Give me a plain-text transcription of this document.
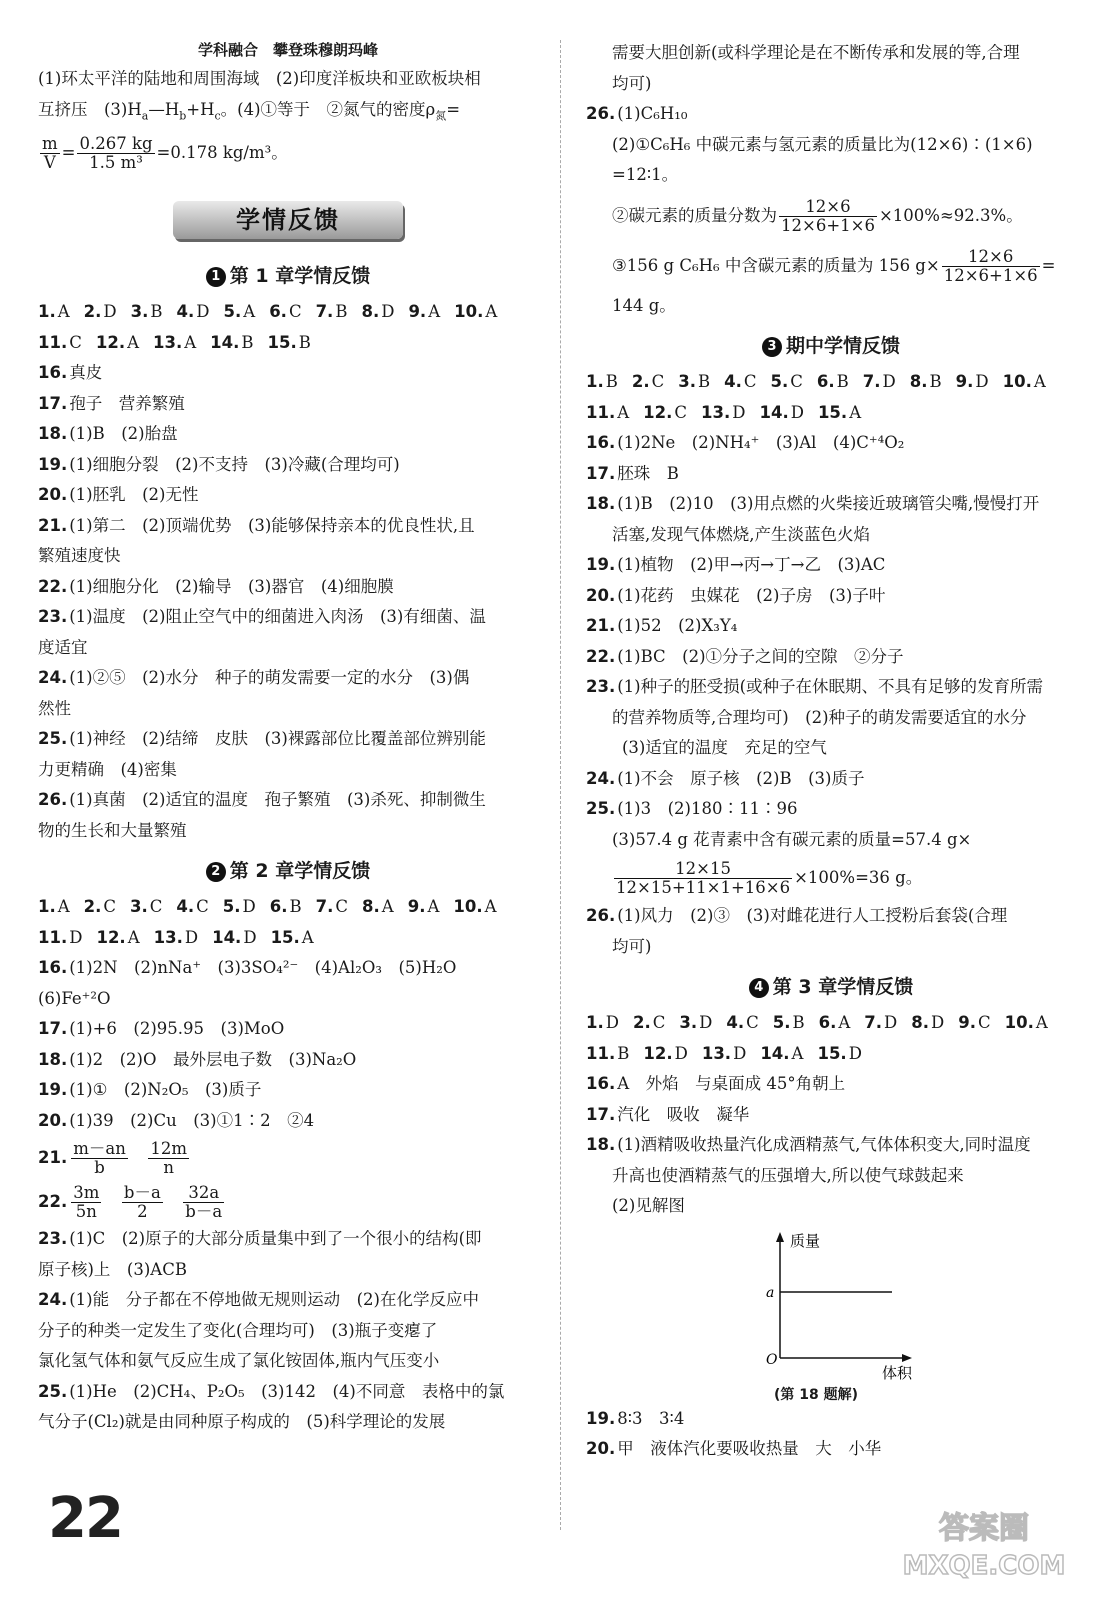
学科融合　攀登珠穆朗玛峰
(1)环太平洋的陆地和周围海域　(2)印度洋板块和亚欧板块相
互挤压　$(3)H_a—H_b+H_c$。(4)①等于　②氮气的密度$\rho_氮=$
$\frac{m}{V} = \frac{0.267 kg}{\text{1.5 m³}} =0.178$ kg/m³。
学情反馈
1 第 1 章学情反馈
1. A 2. D 3. B 4. D 5. A 6. C 7. B 8. D 9. A 10. A
11. C 12. A 13. A 14. B 15. B
16. 真皮
17. 孢子　营养繁殖
18. (1)B　(2)胎盘
19. (1)细胞分裂　(2)不支持　(3)冷藏(合理均可)
20. (1)胚乳　(2)无性
21. (1)第二　(2)顶端优势　(3)能够保持亲本的优良性状,且
繁殖速度快
22. (1)细胞分化　(2)输导　(3)器官　(4)细胞膜
23. (1)温度　(2)阻止空气中的细菌进入肉汤　(3)有细菌、温
度适宜
24. (1)②⑤　(2)水分　种子的萌发需要一定的水分　(3)偶
然性
25. (1)神经　(2)结缔　皮肤　(3)裸露部位比覆盖部位辨别能
力更精确　(4)密集
26. (1)真菌　(2)适宜的温度　孢子繁殖　(3)杀死、抑制微生
物的生长和大量繁殖
2 第 2 章学情反馈
1. A 2. C 3. C 4. C 5. D 6. B 7. C 8. A 9. A 10. A
11. D 12. A 13. D 14. D 15. A
16. (1)2N　(2)nNa⁺　(3)3SO₄²⁻　(4)Al₂O₃　(5)H₂O
(6)Fe⁺²O
17. (1)+6　(2)95.95　(3)MoO
18. (1)2　(2)O　最外层电子数　(3)Na₂O
19. (1)①　(2)N₂O₅　(3)质子
20. (1)39　(2)Cu　(3)①1∶2　②4
21. $\frac{m-an}{b}$
　 $\frac{12m}{n}$
22. $\frac{3m}{5n}$
　 $\frac{b-a}{2}$
　 $\frac{32a}{b-a}$
23. (1)C　(2)原子的大部分质量集中到了一个很小的结构(即
原子核)上　(3)ACB
24. (1)能　分子都在不停地做无规则运动　(2)在化学反应中
分子的种类一定发生了变化(合理均可)　(3)瓶子变瘪了
氯化氢气体和氨气反应生成了氯化铵固体,瓶内气压变小
25. (1)He　(2)CH₄、P₂O₅　(3)142　(4)不同意　表格中的氯
气分子(Cl₂)就是由同种原子构成的　(5)科学理论的发展
需要大胆创新(或科学理论是在不断传承和发展的等,合理
均可)
26. (1)C₆H₁₀
(2)①C₆H₆ 中碳元素与氢元素的质量比为(12×6)∶(1×6)
=12∶1。
②碳元素的质量分数为 $\frac{12\times 6}{12\times 6+1\times 6} \times 100\%\approx 92.3\%$。
③156 g C₆H₆ 中含碳元素的质量为 156 $g\times \frac{12\times 6}{12\times 6+1\times 6}$ =
144 g。
3 期中学情反馈
1. B 2. C 3. B 4. C 5. C 6. B 7. D 8. B 9. D 10. A
11. A 12. C 13. D 14. D 15. A
16. (1)2Ne　(2)NH₄⁺　(3)Al　(4)C⁺⁴O₂
17. 胚珠　B
18. (1)B　(2)10　(3)用点燃的火柴接近玻璃管尖嘴,慢慢打开
活塞,发现气体燃烧,产生淡蓝色火焰
19. (1)植物　(2)甲→丙→丁→乙　(3)AC
20. (1)花药　虫媒花　(2)子房　(3)子叶
21. (1)52　(2)X₃Y₄
22. (1)BC　(2)①分子之间的空隙　②分子
23. (1)种子的胚受损(或种子在休眠期、不具有足够的发育所需
的营养物质等,合理均可)　(2)种子的萌发需要适宜的水分
(3)适宜的温度　充足的空气
24. (1)不会　原子核　(2)B　(3)质子
25. (1)3　(2)180∶11∶96
(3)57.4 g 花青素中含有碳元素的质量=57.4 g×
$\frac{12\times 15}{12\times 15+11\times 1+16\times 6} \times 100\%=36$ g。
26. (1)风力　(2)③　(3)对雌花进行人工授粉后套袋(合理
均可)
4 第 3 章学情反馈
1. D 2. C 3. D 4. C 5. B 6. A 7. D 8. D 9. C 10. A
11. B 12. D 13. D 14. A 15. D
16. A　外焰　与桌面成 45°角朝上
17. 汽化　吸收　凝华
18. (1)酒精吸收热量汽化成酒精蒸气,气体体积变大,同时温度
升高也使酒精蒸气的压强增大,所以使气球鼓起来
(2)见解图
质量
体积
a
O
(第 18 题解)
19. 8∶3　3∶4
20. 甲　液体汽化要吸收热量　大　小华
22	答案圈
MXQE.COM
